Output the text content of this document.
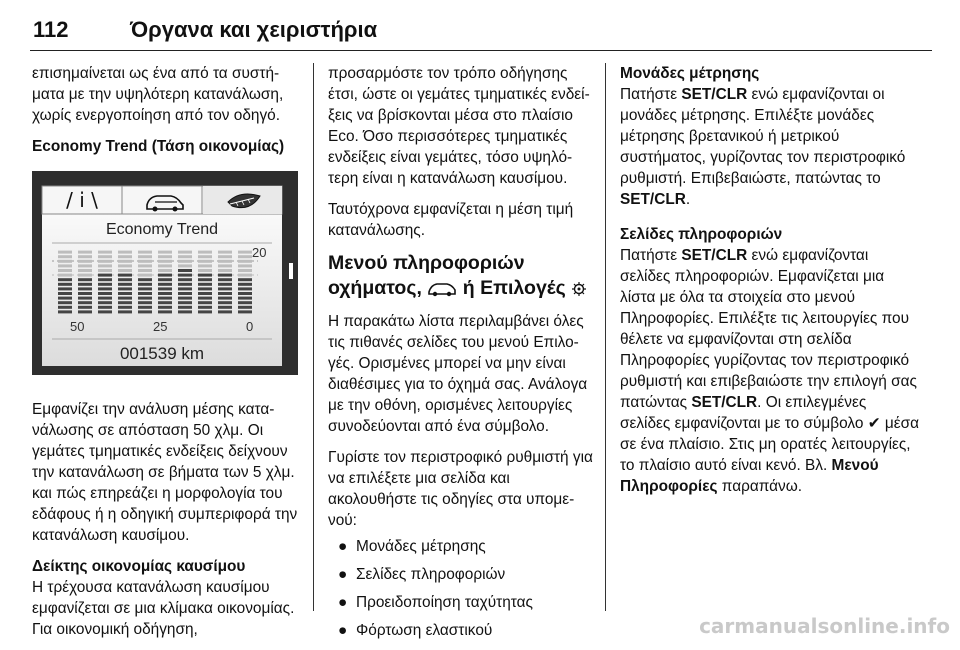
112	Όργανα και χειριστήρια

επισημαίνεται ως ένα από τα συστήματα με την υψηλότερη κατανάλωση, χωρίς ενεργοποίηση από τον οδηγό.

Economy Trend (Τάση οικονομίας)
/ i \
Economy Trend
20
50	25	0
001539 km

Εμφανίζει την ανάλυση μέσης κατανάλωσης σε απόσταση 50 χλμ. Οι γεμάτες τμηματικές ενδείξεις δείχνουν την κατανάλωση σε βήματα των 5 χλμ. και πώς επηρεάζει η μορφολογία του εδάφους ή η οδηγική συμπεριφορά την κατανάλωση καυσίμου.

Δείκτης οικονομίας καυσίμου

Η τρέχουσα κατανάλωση καυσίμου εμφανίζεται σε μια κλίμακα οικονομίας. Για οικονομική οδήγηση,

προσαρμόστε τον τρόπο οδήγησης έτσι, ώστε οι γεμάτες τμηματικές ενδείξεις να βρίσκονται μέσα στο πλαίσιο Eco. Όσο περισσότερες τμηματικές ενδείξεις είναι γεμάτες, τόσο υψηλότερη είναι η κατανάλωση καυσίμου.

Ταυτόχρονα εμφανίζεται η μέση τιμή κατανάλωσης.

Μενού πληροφοριών
οχήματος, ή Επιλογές

Η παρακάτω λίστα περιλαμβάνει όλες τις πιθανές σελίδες του μενού Επιλογές. Ορισμένες μπορεί να μην είναι διαθέσιμες για το όχημά σας. Ανάλογα με την οθόνη, ορισμένες λειτουργίες συνοδεύονται από ένα σύμβολο.

Γυρίστε τον περιστροφικό ρυθμιστή για να επιλέξετε μια σελίδα και ακολουθήστε τις οδηγίες στα υπομενού:

● Μονάδες μέτρησης
● Σελίδες πληροφοριών
● Προειδοποίηση ταχύτητας
● Φόρτωση ελαστικού
Μονάδες μέτρησης

Πατήστε SET/CLR ενώ εμφανίζονται οι μονάδες μέτρησης. Επιλέξτε μονάδες μέτρησης βρετανικού ή μετρικού συστήματος, γυρίζοντας τον περιστροφικό ρυθμιστή. Επιβεβαιώστε, πατώντας το SET/CLR.

Σελίδες πληροφοριών

Πατήστε SET/CLR ενώ εμφανίζονται σελίδες πληροφοριών. Εμφανίζεται μια λίστα με όλα τα στοιχεία στο μενού Πληροφορίες. Επιλέξτε τις λειτουργίες που θέλετε να εμφανίζονται στη σελίδα Πληροφορίες γυρίζοντας τον περιστροφικό ρυθμιστή και επιβεβαιώστε την επιλογή σας πατώντας SET/CLR. Οι επιλεγμένες σελίδες εμφανίζονται με το σύμβολο ✔ μέσα σε ένα πλαίσιο. Στις μη ορατές λειτουργίες, το πλαίσιο αυτό είναι κενό. Βλ. Μενού Πληροφορίες παραπάνω.

carmanualsonline.info
